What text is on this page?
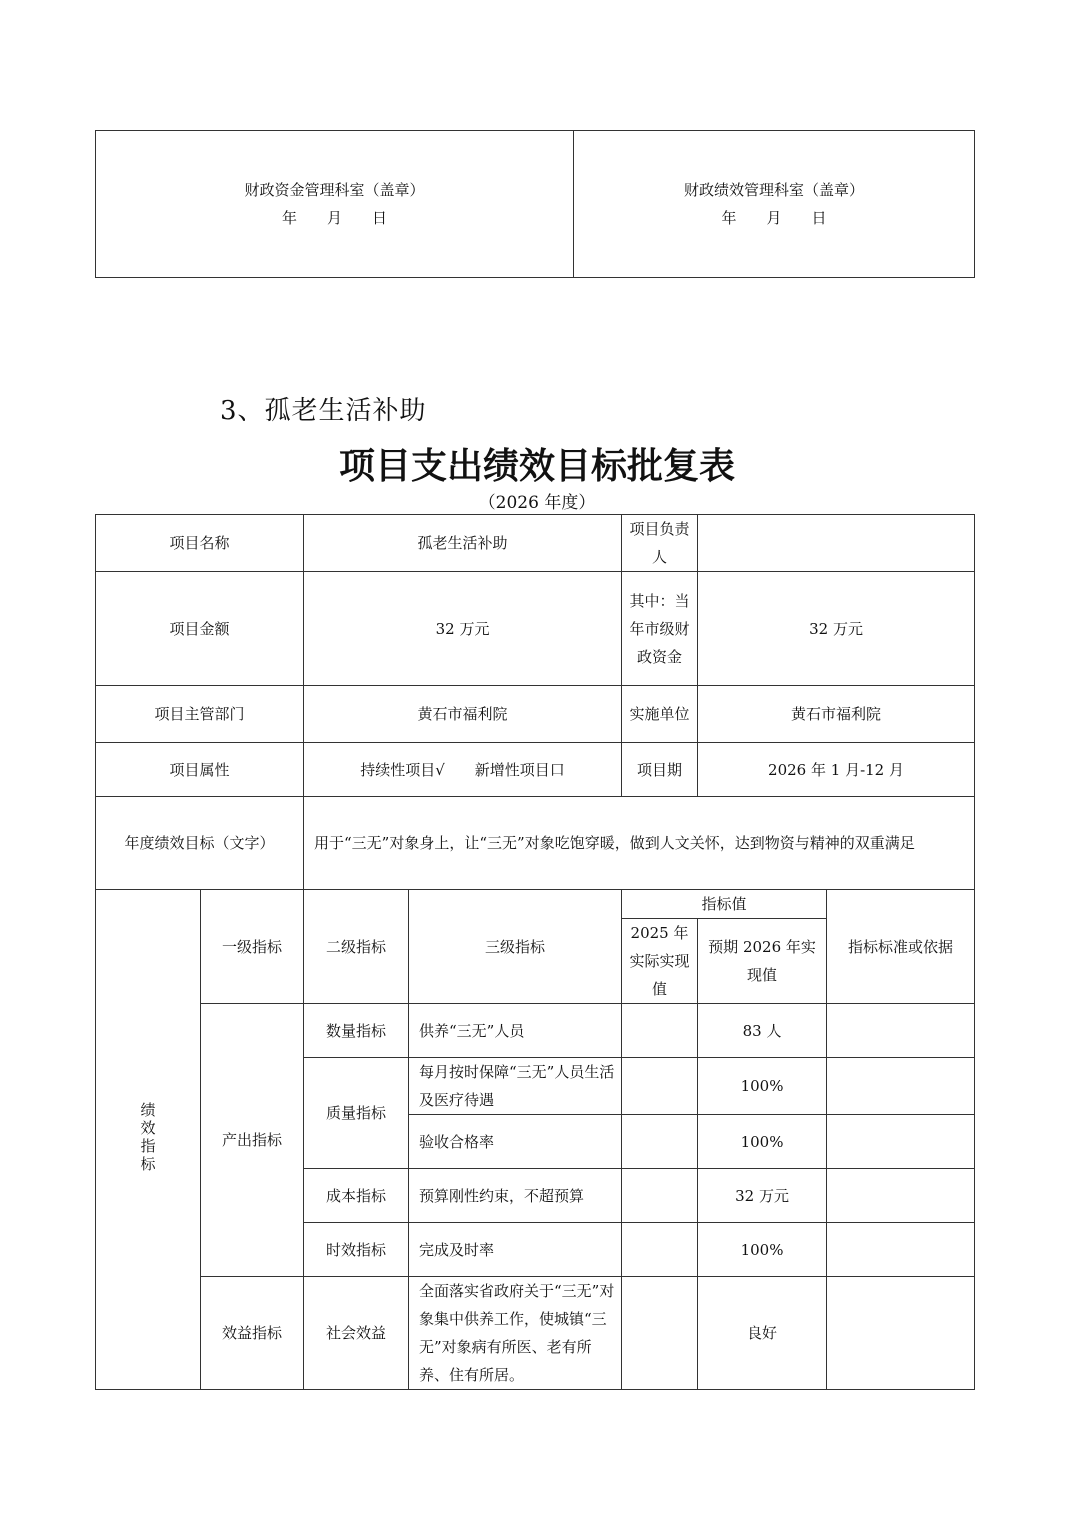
财政资金管理科室（盖章）
年　　月　　日

财政绩效管理科室（盖章）
年　　月　　日
3、孤老生活补助
项目支出绩效目标批复表
（2026 年度）
项目名称		孤老生活补助		项目负责人		
项目金额		32 万元		其中：当年市级财政资金	32 万元	
项目主管部门		黄石市福利院		实施单位	黄石市福利院	
项目属性		持续性项目√　　新增性项目口		项目期	2026 年 1 月-12 月	
年度绩效目标（文字）		用于“三无”对象身上，让“三无”对象吃饱穿暖，做到人文关怀，达到物资与精神的双重满足				
绩效指标	一级指标	二级指标	三级指标	指标值		指标标准或依据
				2025 年实际实现值	预期 2026 年实现值	
	产出指标	数量指标	供养“三无”人员		83 人	
		质量指标	每月按时保障“三无”人员生活及医疗待遇		100%	
			验收合格率		100%	
		成本指标	预算刚性约束，不超预算		32 万元	
		时效指标	完成及时率		100%	
	效益指标	社会效益	全面落实省政府关于“三无”对象集中供养工作，使城镇“三无”对象病有所医、老有所养、住有所居。		良好	
